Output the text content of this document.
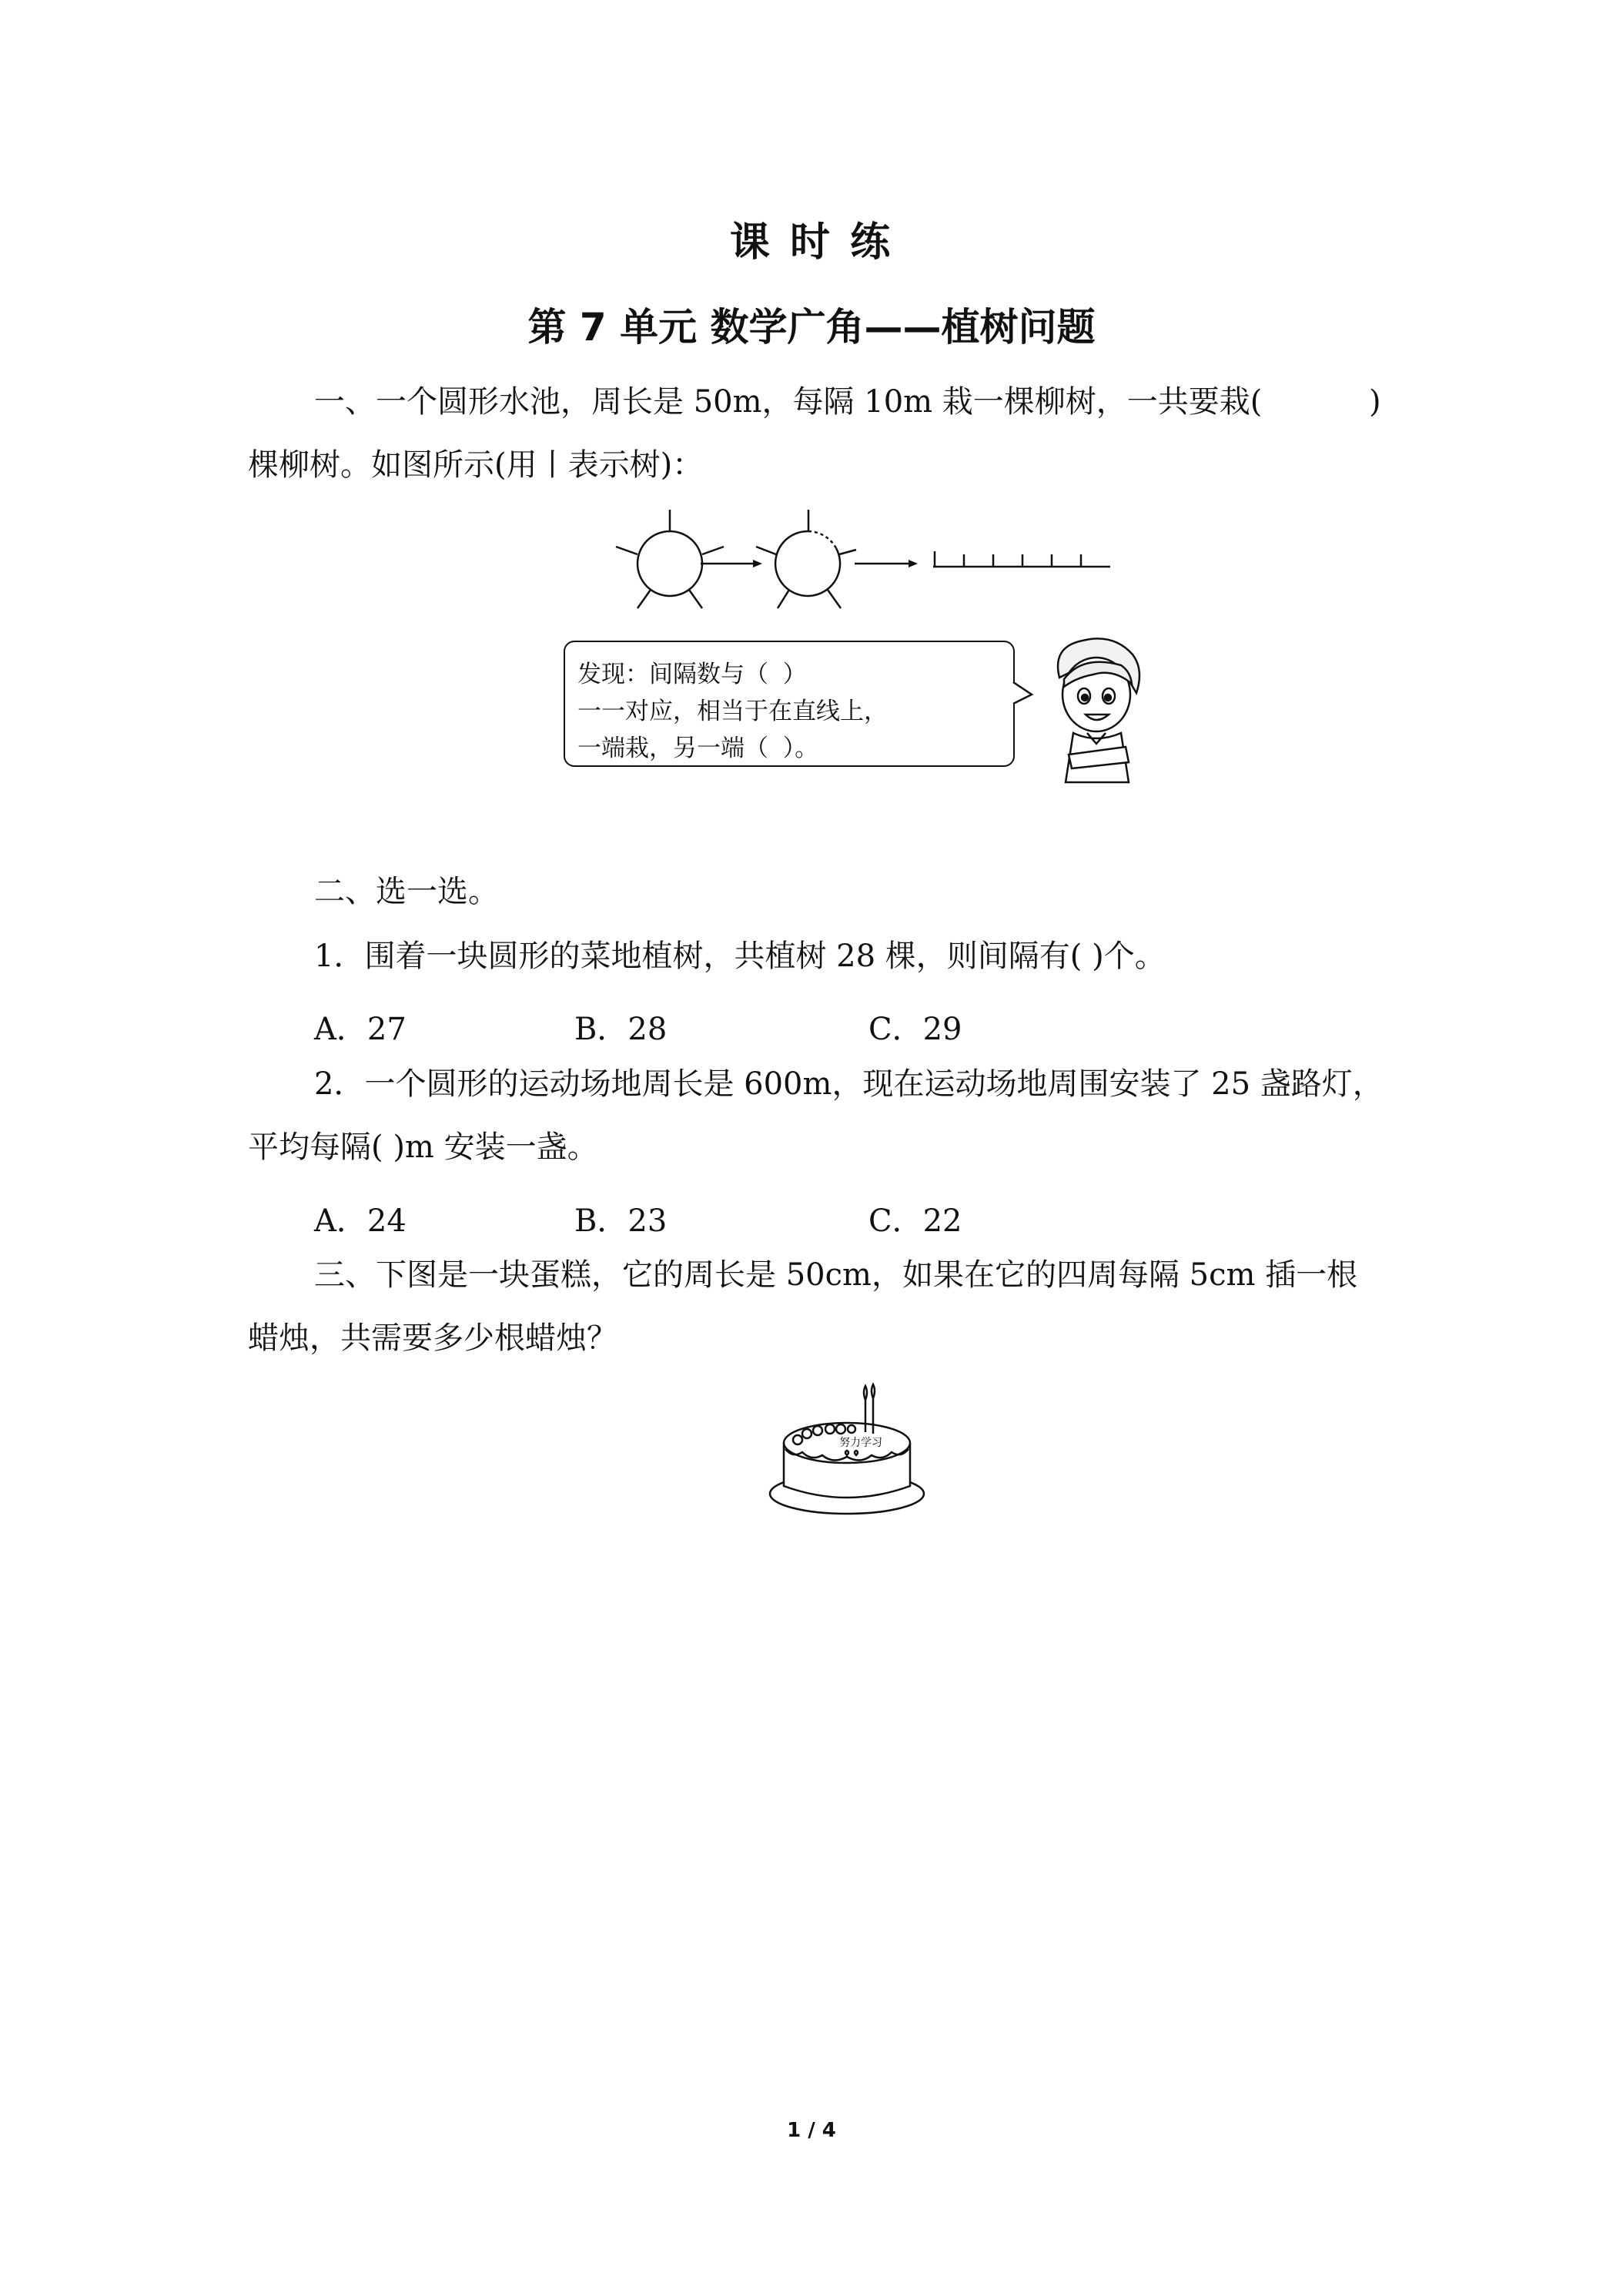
课 时 练
第 7 单元 数学广角——植树问题
一、一个圆形水池，周长是 50m，每隔 10m 栽一棵柳树，一共要栽(	)
棵柳树。如图所示(用丨表示树)：
发现：间隔数与（ ）
一一对应，相当于在直线上，
一端栽，另一端（ ）。
二、选一选。
1．围着一块圆形的菜地植树，共植树 28 棵，则间隔有( )个。
A．27	B．28	C．29
2．一个圆形的运动场地周长是 600m，现在运动场地周围安装了 25 盏路灯，
平均每隔( )m 安装一盏。
A．24	B．23	C．22
三、下图是一块蛋糕，它的周长是 50cm，如果在它的四周每隔 5cm 插一根
蜡烛，共需要多少根蜡烛？
努力学习
1 / 4
